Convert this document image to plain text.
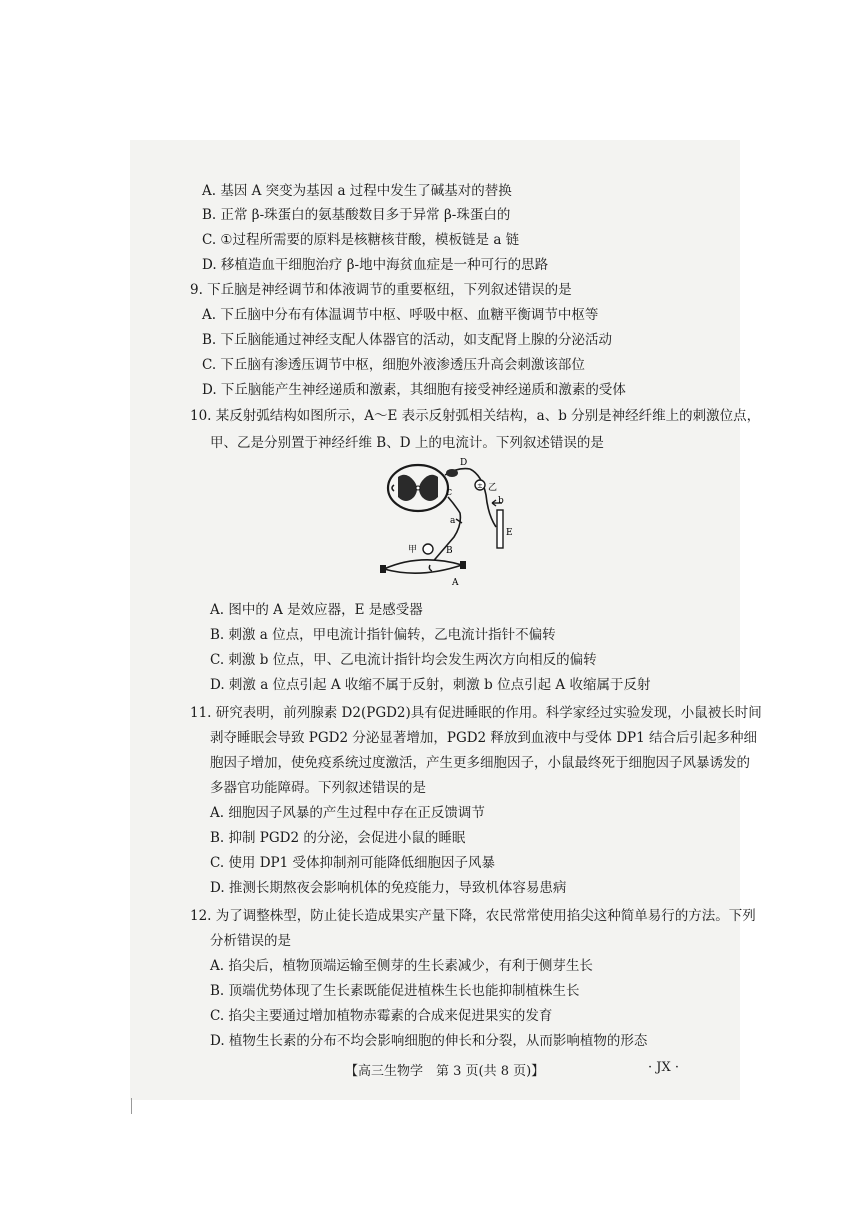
A. 基因 A 突变为基因 a 过程中发生了碱基对的替换
B. 正常 β-珠蛋白的氨基酸数目多于异常 β-珠蛋白的
C. ①过程所需要的原料是核糖核苷酸，模板链是 a 链
D. 移植造血干细胞治疗 β-地中海贫血症是一种可行的思路
9. 下丘脑是神经调节和体液调节的重要枢纽，下列叙述错误的是
A. 下丘脑中分布有体温调节中枢、呼吸中枢、血糖平衡调节中枢等
B. 下丘脑能通过神经支配人体器官的活动，如支配肾上腺的分泌活动
C. 下丘脑有渗透压调节中枢，细胞外液渗透压升高会刺激该部位
D. 下丘脑能产生神经递质和激素，其细胞有接受神经递质和激素的受体
10. 某反射弧结构如图所示，A～E 表示反射弧相关结构，a、b 分别是神经纤维上的刺激位点，
甲、乙是分别置于神经纤维 B、D 上的电流计。下列叙述错误的是
±
D
乙
b
C
a
E
甲	B
A
A. 图中的 A 是效应器，E 是感受器
B. 刺激 a 位点，甲电流计指针偏转，乙电流计指针不偏转
C. 刺激 b 位点，甲、乙电流计指针均会发生两次方向相反的偏转
D. 刺激 a 位点引起 A 收缩不属于反射，刺激 b 位点引起 A 收缩属于反射
11. 研究表明，前列腺素 D2(PGD2)具有促进睡眠的作用。科学家经过实验发现，小鼠被长时间
剥夺睡眠会导致 PGD2 分泌显著增加，PGD2 释放到血液中与受体 DP1 结合后引起多种细
胞因子增加，使免疫系统过度激活，产生更多细胞因子，小鼠最终死于细胞因子风暴诱发的
多器官功能障碍。下列叙述错误的是
A. 细胞因子风暴的产生过程中存在正反馈调节
B. 抑制 PGD2 的分泌，会促进小鼠的睡眠
C. 使用 DP1 受体抑制剂可能降低细胞因子风暴
D. 推测长期熬夜会影响机体的免疫能力，导致机体容易患病
12. 为了调整株型，防止徒长造成果实产量下降，农民常常使用掐尖这种简单易行的方法。下列
分析错误的是
A. 掐尖后，植物顶端运输至侧芽的生长素减少，有利于侧芽生长
B. 顶端优势体现了生长素既能促进植株生长也能抑制植株生长
C. 掐尖主要通过增加植物赤霉素的合成来促进果实的发育
D. 植物生长素的分布不均会影响细胞的伸长和分裂，从而影响植物的形态
【高三生物学　第 3 页(共 8 页)】	· JX ·
